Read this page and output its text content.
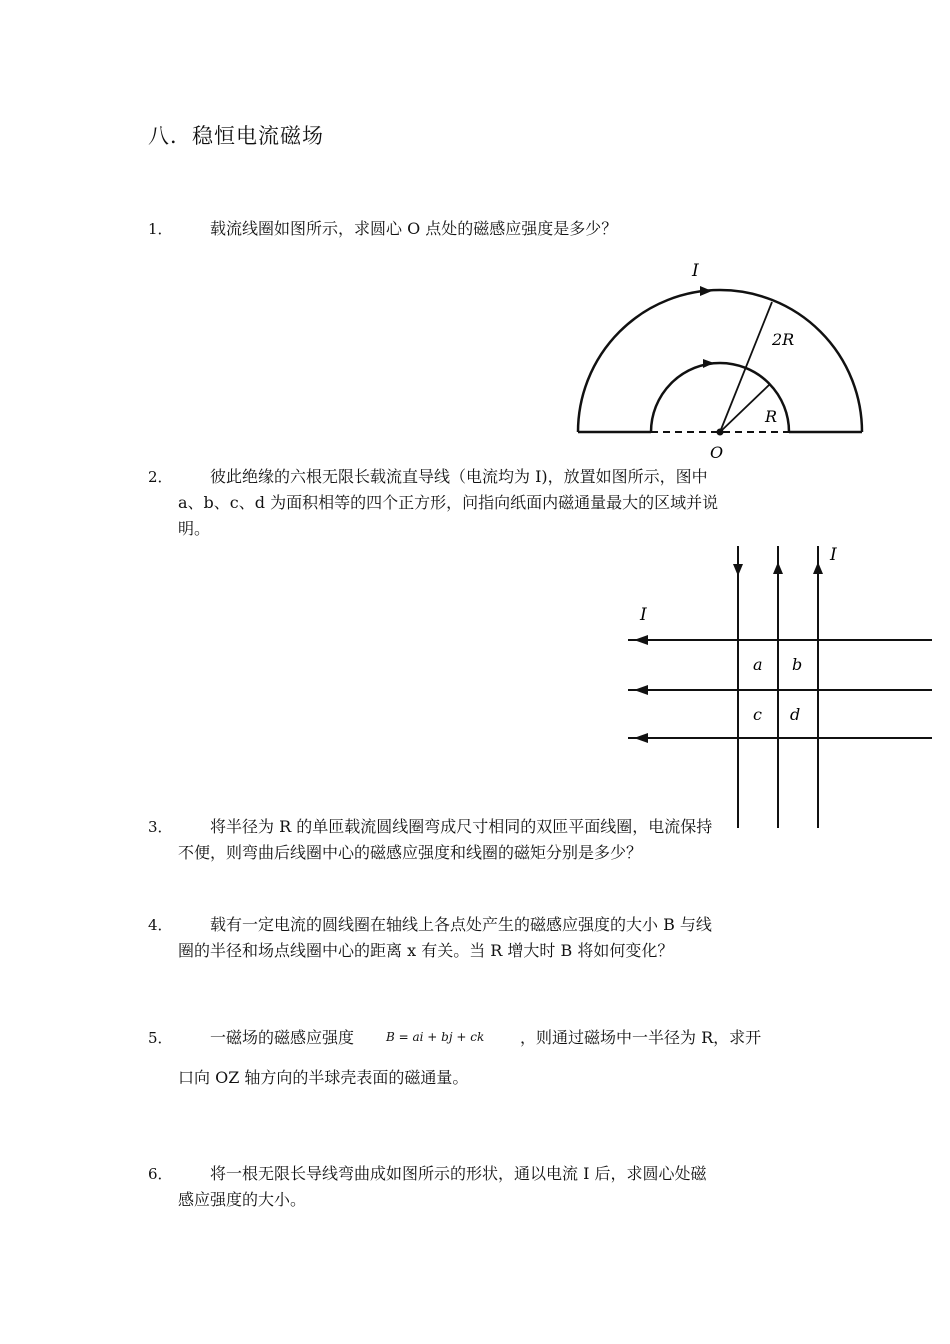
八．稳恒电流磁场
1． 载流线圈如图所示，求圆心 O 点处的磁感应强度是多少？
I
2R
R
O
2． 彼此绝缘的六根无限长载流直导线（电流均为 I)，放置如图所示，图中
a、b、c、d 为面积相等的四个正方形，问指向纸面内磁通量最大的区域并说
明。
I
I
a b
c d
3． 将半径为 R 的单匝载流圆线圈弯成尺寸相同的双匝平面线圈，电流保持
不便，则弯曲后线圈中心的磁感应强度和线圈的磁矩分别是多少？
4． 载有一定电流的圆线圈在轴线上各点处产生的磁感应强度的大小 B 与线
圈的半径和场点线圈中心的距离 x 有关。当 R 增大时 B 将如何变化？
5． 一磁场的磁感应强度	B = ai + bj + ck ，则通过磁场中一半径为 R，求开
口向 OZ 轴方向的半球壳表面的磁通量。
6． 将一根无限长导线弯曲成如图所示的形状，通以电流 I 后，求圆心处磁
感应强度的大小。
